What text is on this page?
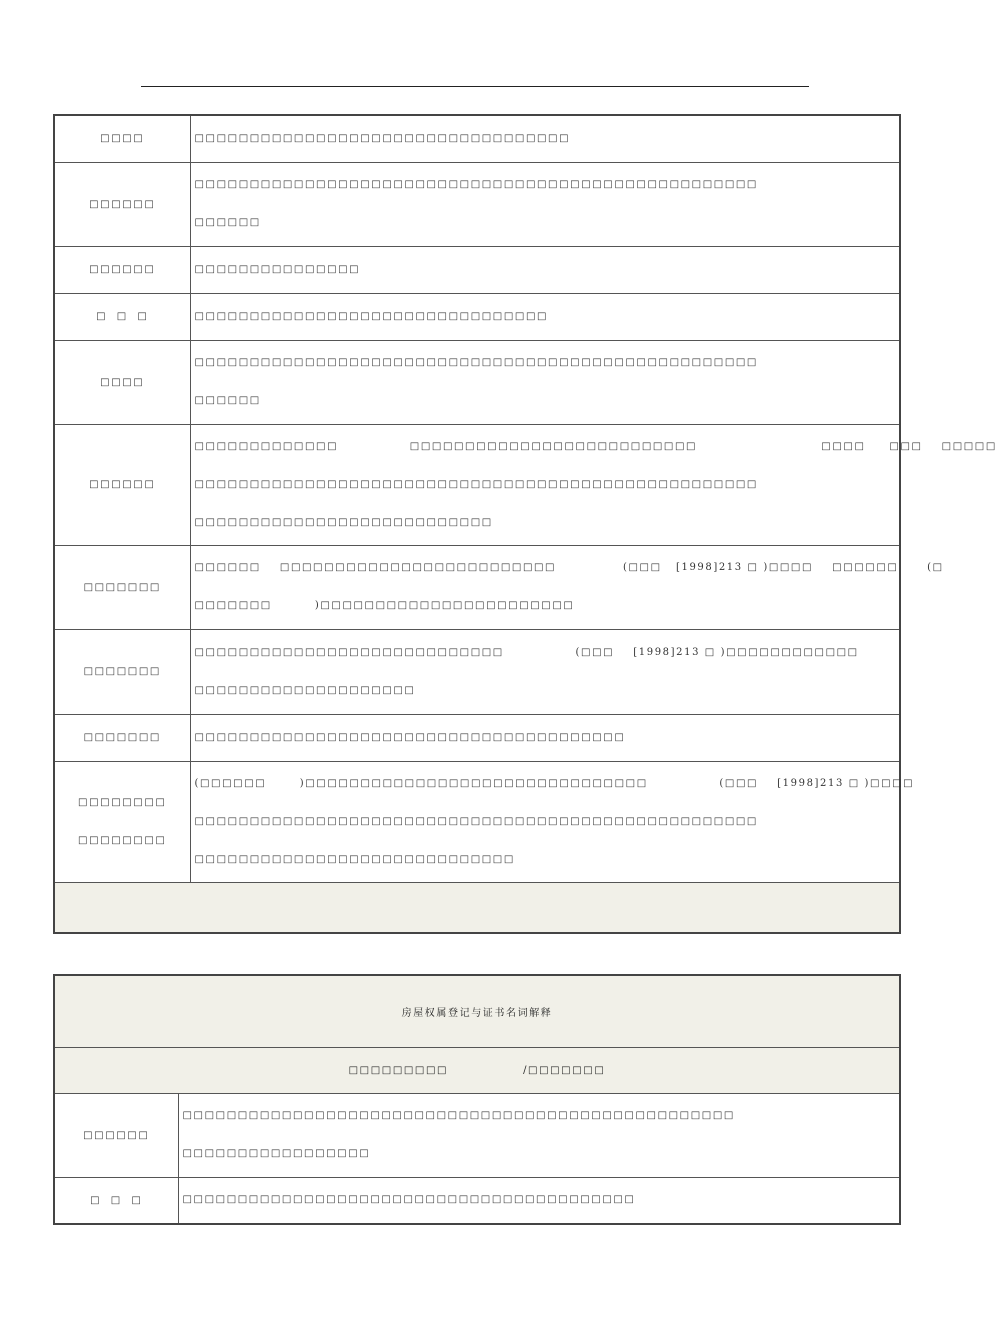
□□□□	□□□□□□□□□□□□□□□□□□□□□□□□□□□□□□□□□□

□□□□□□	□□□□□□□□□□□□□□□□□□□□□□□□□□□□□□□□□□□□□□□□□□□□□□□□□□□
□□□□□□

□□□□□□	□□□□□□□□□□□□□□□

□  □  □	□□□□□□□□□□□□□□□□□□□□□□□□□□□□□□□□

□□□□	□□□□□□□□□□□□□□□□□□□□□□□□□□□□□□□□□□□□□□□□□□□□□□□□□□□
□□□□□□

□□□□□□	□□□□□□□□□□□□□               □□□□□□□□□□□□□□□□□□□□□□□□□□                          □□□□     □□□    □□□□□
□□□□□□□□□□□□□□□□□□□□□□□□□□□□□□□□□□□□□□□□□□□□□□□□□□□
□□□□□□□□□□□□□□□□□□□□□□□□□□□

□□□□□□□	□□□□□□    □□□□□□□□□□□□□□□□□□□□□□□□□              (□□□   [1998]213 □ )□□□□    □□□□□□      (□
□□□□□□□         )□□□□□□□□□□□□□□□□□□□□□□□

□□□□□□□	□□□□□□□□□□□□□□□□□□□□□□□□□□□□               (□□□    [1998]213 □ )□□□□□□□□□□□□
□□□□□□□□□□□□□□□□□□□□

□□□□□□□	□□□□□□□□□□□□□□□□□□□□□□□□□□□□□□□□□□□□□□□

□□□□□□□□
□□□□□□□□	(□□□□□□       )□□□□□□□□□□□□□□□□□□□□□□□□□□□□□□□               (□□□    [1998]213 □ )□□□□
□□□□□□□□□□□□□□□□□□□□□□□□□□□□□□□□□□□□□□□□□□□□□□□□□□□
□□□□□□□□□□□□□□□□□□□□□□□□□□□□□

房屋权属登记与证书名词解释	
□□□□□□□□□ /□□□□□□□	
□□□□□□	□□□□□□□□□□□□□□□□□□□□□□□□□□□□□□□□□□□□□□□□□□□□□□□□□□
□□□□□□□□□□□□□□□□□

□  □  □	□□□□□□□□□□□□□□□□□□□□□□□□□□□□□□□□□□□□□□□□□
